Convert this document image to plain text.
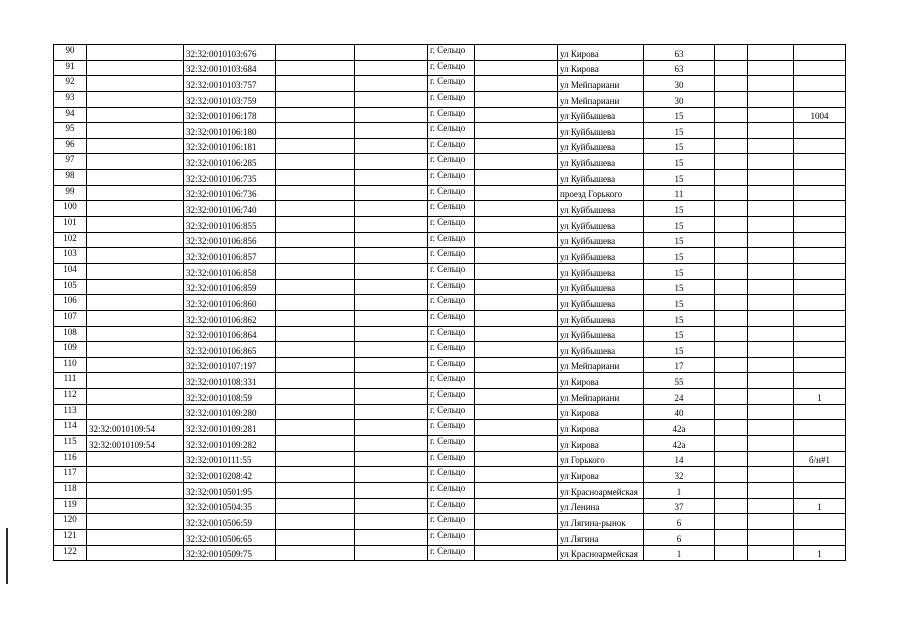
90		32:32:0010103:676			г. Сельцо		ул Кирова	63			
91		32:32:0010103:684			г. Сельцо		ул Кирова	63			
92		32:32:0010103:757			г. Сельцо		ул Мейпариани	30			
93		32:32:0010103:759			г. Сельцо		ул Мейпариани	30			
94		32:32:0010106:178			г. Сельцо		ул Куйбышева	15			1004
95		32:32:0010106:180			г. Сельцо		ул Куйбышева	15			
96		32:32:0010106:181			г. Сельцо		ул Куйбышева	15			
97		32:32:0010106:285			г. Сельцо		ул Куйбышева	15			
98		32:32:0010106:735			г. Сельцо		ул Куйбышева	15			
99		32:32:0010106:736			г. Сельцо		проезд Горького	11			
100		32:32:0010106:740			г. Сельцо		ул Куйбышева	15			
101		32:32:0010106:855			г. Сельцо		ул Куйбышева	15			
102		32:32:0010106:856			г. Сельцо		ул Куйбышева	15			
103		32:32:0010106:857			г. Сельцо		ул Куйбышева	15			
104		32:32:0010106:858			г. Сельцо		ул Куйбышева	15			
105		32:32:0010106:859			г. Сельцо		ул Куйбышева	15			
106		32:32:0010106:860			г. Сельцо		ул Куйбышева	15			
107		32:32:0010106:862			г. Сельцо		ул Куйбышева	15			
108		32:32:0010106:864			г. Сельцо		ул Куйбышева	15			
109		32:32:0010106:865			г. Сельцо		ул Куйбышева	15			
110		32:32:0010107:197			г. Сельцо		ул Мейпариани	17			
111		32:32:0010108:331			г. Сельцо		ул Кирова	55			
112		32:32:0010108:59			г. Сельцо		ул Мейпариани	24			1
113		32:32:0010109:280			г. Сельцо		ул Кирова	40			
114	32:32:0010109:54	32:32:0010109:281			г. Сельцо		ул Кирова	42а			
115	32:32:0010109:54	32:32:0010109:282			г. Сельцо		ул Кирова	42а			
116		32:32:0010111:55			г. Сельцо		ул Горького	14			б/н#1
117		32:32:0010208:42			г. Сельцо		ул Кирова	32			
118		32:32:0010501:95			г. Сельцо		ул Красноармейская	1			
119		32:32:0010504:35			г. Сельцо		ул Ленина	37			1
120		32:32:0010506:59			г. Сельцо		ул Лягина-рынок	6			
121		32:32:0010506:65			г. Сельцо		ул Лягина	6			
122		32:32:0010509:75			г. Сельцо		ул Красноармейская	1			1
